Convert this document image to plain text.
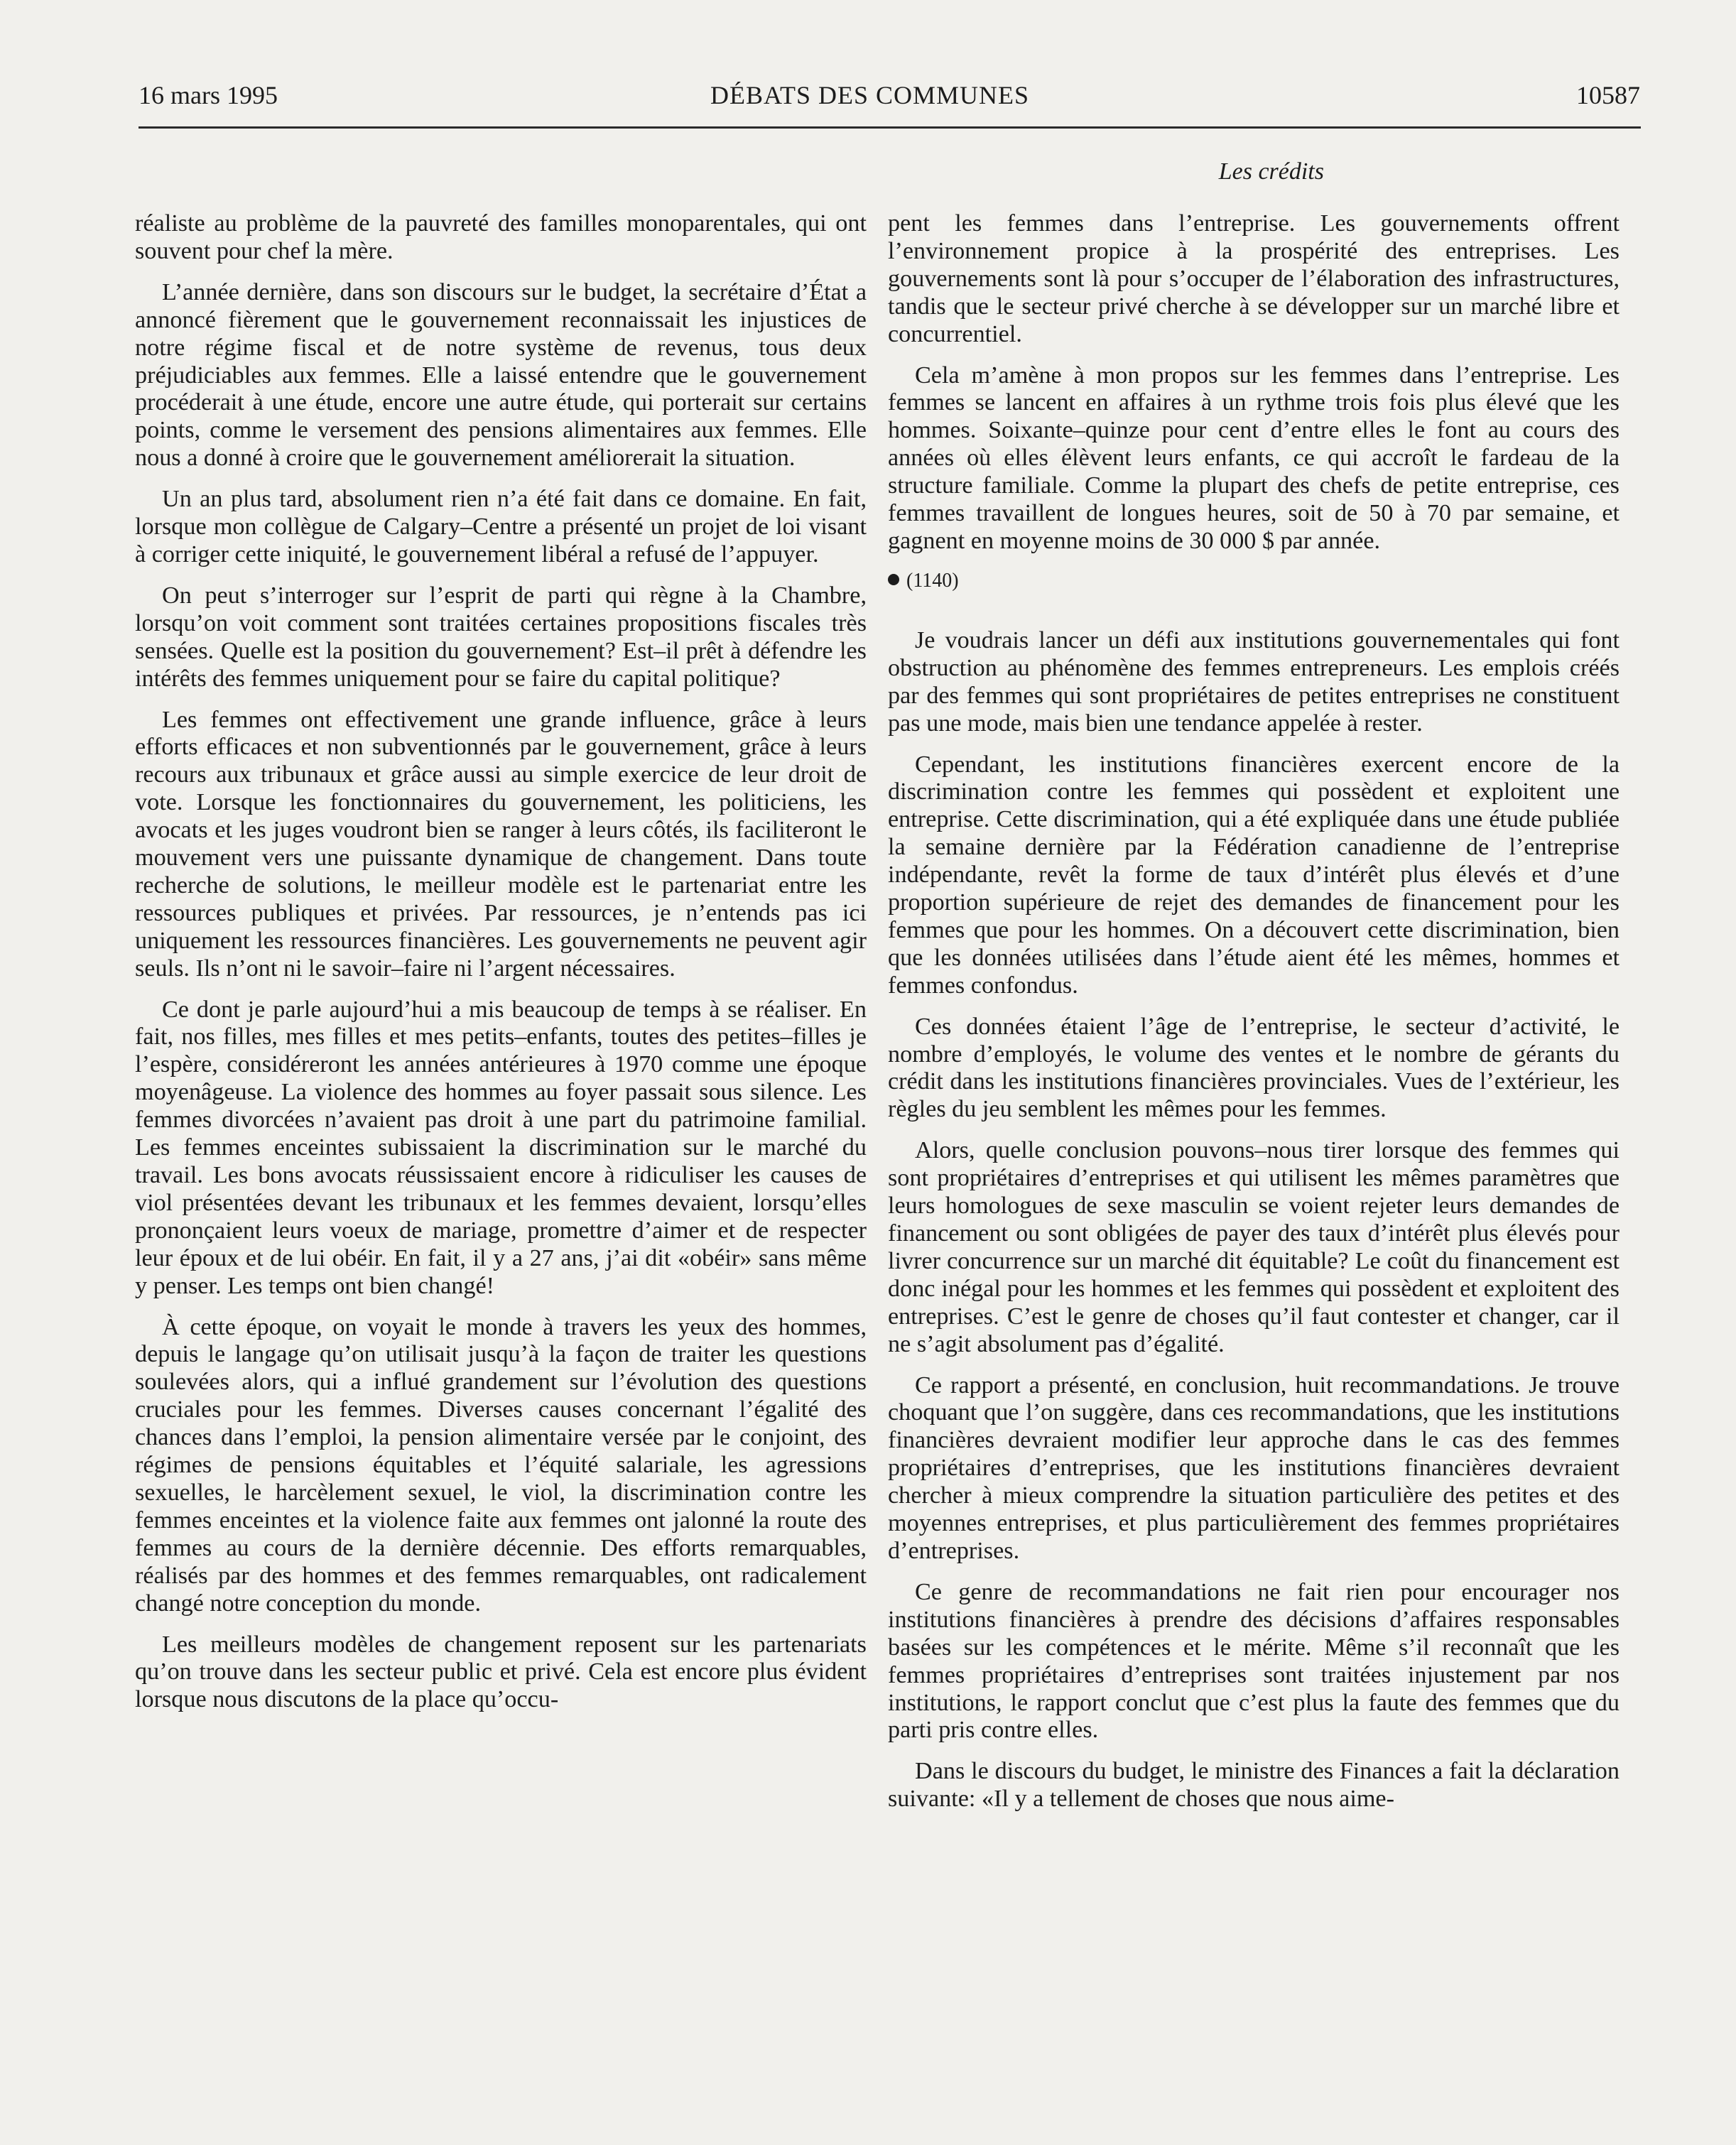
16 mars 1995	DÉBATS DES COMMUNES	10587
Les crédits

réaliste au problème de la pauvreté des familles monoparentales, qui ont souvent pour chef la mère.

L’année dernière, dans son discours sur le budget, la secrétaire d’État a annoncé fièrement que le gouvernement reconnaissait les injustices de notre régime fiscal et de notre système de revenus, tous deux préjudiciables aux femmes. Elle a laissé entendre que le gouvernement procéderait à une étude, encore une autre étude, qui porterait sur certains points, comme le versement des pensions alimentaires aux femmes. Elle nous a donné à croire que le gouvernement améliorerait la situation.

Un an plus tard, absolument rien n’a été fait dans ce domaine. En fait, lorsque mon collègue de Calgary–Centre a présenté un projet de loi visant à corriger cette iniquité, le gouvernement libéral a refusé de l’appuyer.

On peut s’interroger sur l’esprit de parti qui règne à la Chambre, lorsqu’on voit comment sont traitées certaines propositions fiscales très sensées. Quelle est la position du gouvernement? Est–il prêt à défendre les intérêts des femmes uniquement pour se faire du capital politique?

Les femmes ont effectivement une grande influence, grâce à leurs efforts efficaces et non subventionnés par le gouvernement, grâce à leurs recours aux tribunaux et grâce aussi au simple exercice de leur droit de vote. Lorsque les fonctionnaires du gouvernement, les politiciens, les avocats et les juges voudront bien se ranger à leurs côtés, ils faciliteront le mouvement vers une puissante dynamique de changement. Dans toute recherche de solutions, le meilleur modèle est le partenariat entre les ressources publiques et privées. Par ressources, je n’entends pas ici uniquement les ressources financières. Les gouvernements ne peuvent agir seuls. Ils n’ont ni le savoir–faire ni l’argent nécessaires.

Ce dont je parle aujourd’hui a mis beaucoup de temps à se réaliser. En fait, nos filles, mes filles et mes petits–enfants, toutes des petites–filles je l’espère, considéreront les années antérieures à 1970 comme une époque moyenâgeuse. La violence des hommes au foyer passait sous silence. Les femmes divorcées n’avaient pas droit à une part du patrimoine familial. Les femmes enceintes subissaient la discrimination sur le marché du travail. Les bons avocats réussissaient encore à ridiculiser les causes de viol présentées devant les tribunaux et les femmes devaient, lorsqu’elles prononçaient leurs voeux de mariage, promettre d’aimer et de respecter leur époux et de lui obéir. En fait, il y a 27 ans, j’ai dit «obéir» sans même y penser. Les temps ont bien changé!

À cette époque, on voyait le monde à travers les yeux des hommes, depuis le langage qu’on utilisait jusqu’à la façon de traiter les questions soulevées alors, qui a influé grandement sur l’évolution des questions cruciales pour les femmes. Diverses causes concernant l’égalité des chances dans l’emploi, la pension alimentaire versée par le conjoint, des régimes de pensions équitables et l’équité salariale, les agressions sexuelles, le harcèlement sexuel, le viol, la discrimination contre les femmes enceintes et la violence faite aux femmes ont jalonné la route des femmes au cours de la dernière décennie. Des efforts remarquables, réalisés par des hommes et des femmes remarquables, ont radicalement changé notre conception du monde.

Les meilleurs modèles de changement reposent sur les partenariats qu’on trouve dans les secteur public et privé. Cela est encore plus évident lorsque nous discutons de la place qu’occu-

pent les femmes dans l’entreprise. Les gouvernements offrent l’environnement propice à la prospérité des entreprises. Les gouvernements sont là pour s’occuper de l’élaboration des infrastructures, tandis que le secteur privé cherche à se développer sur un marché libre et concurrentiel.

Cela m’amène à mon propos sur les femmes dans l’entreprise. Les femmes se lancent en affaires à un rythme trois fois plus élevé que les hommes. Soixante–quinze pour cent d’entre elles le font au cours des années où elles élèvent leurs enfants, ce qui accroît le fardeau de la structure familiale. Comme la plupart des chefs de petite entreprise, ces femmes travaillent de longues heures, soit de 50 à 70 par semaine, et gagnent en moyenne moins de 30 000 $ par année.

(1140)

Je voudrais lancer un défi aux institutions gouvernementales qui font obstruction au phénomène des femmes entrepreneurs. Les emplois créés par des femmes qui sont propriétaires de petites entreprises ne constituent pas une mode, mais bien une tendance appelée à rester.

Cependant, les institutions financières exercent encore de la discrimination contre les femmes qui possèdent et exploitent une entreprise. Cette discrimination, qui a été expliquée dans une étude publiée la semaine dernière par la Fédération canadienne de l’entreprise indépendante, revêt la forme de taux d’intérêt plus élevés et d’une proportion supérieure de rejet des demandes de financement pour les femmes que pour les hommes. On a découvert cette discrimination, bien que les données utilisées dans l’étude aient été les mêmes, hommes et femmes confondus.

Ces données étaient l’âge de l’entreprise, le secteur d’activité, le nombre d’employés, le volume des ventes et le nombre de gérants du crédit dans les institutions financières provinciales. Vues de l’extérieur, les règles du jeu semblent les mêmes pour les femmes.

Alors, quelle conclusion pouvons–nous tirer lorsque des femmes qui sont propriétaires d’entreprises et qui utilisent les mêmes paramètres que leurs homologues de sexe masculin se voient rejeter leurs demandes de financement ou sont obligées de payer des taux d’intérêt plus élevés pour livrer concurrence sur un marché dit équitable? Le coût du financement est donc inégal pour les hommes et les femmes qui possèdent et exploitent des entreprises. C’est le genre de choses qu’il faut contester et changer, car il ne s’agit absolument pas d’égalité.

Ce rapport a présenté, en conclusion, huit recommandations. Je trouve choquant que l’on suggère, dans ces recommandations, que les institutions financières devraient modifier leur approche dans le cas des femmes propriétaires d’entreprises, que les institutions financières devraient chercher à mieux comprendre la situation particulière des petites et des moyennes entreprises, et plus particulièrement des femmes propriétaires d’entreprises.

Ce genre de recommandations ne fait rien pour encourager nos institutions financières à prendre des décisions d’affaires responsables basées sur les compétences et le mérite. Même s’il reconnaît que les femmes propriétaires d’entreprises sont traitées injustement par nos institutions, le rapport conclut que c’est plus la faute des femmes que du parti pris contre elles.

Dans le discours du budget, le ministre des Finances a fait la déclaration suivante: «Il y a tellement de choses que nous aime-
